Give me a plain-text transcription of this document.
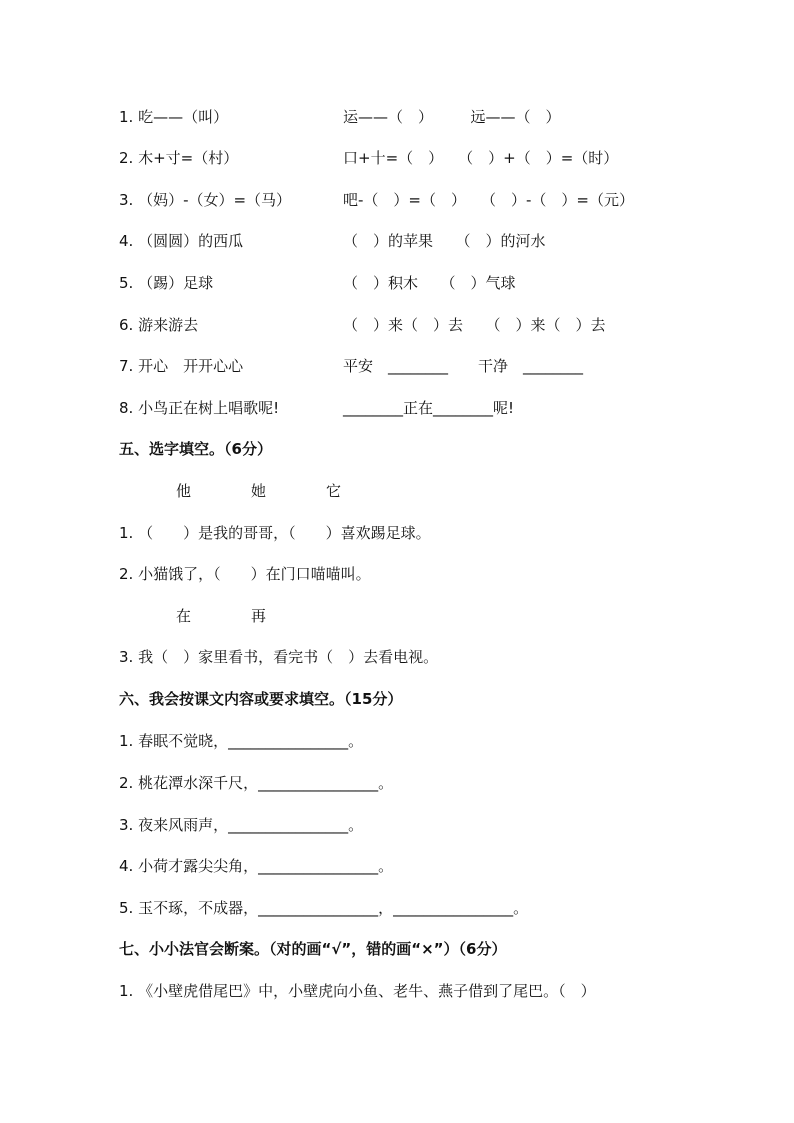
1. 吃——（叫）	运——（　）　　　远——（　）
2. 木+寸=（村）	口+十=（　）　　（　）+（　）=（时）
3. （妈）-（女）=（马）	吧-（　）=（　）　　（　）-（　）=（元）
4. （圆圆）的西瓜	（　）的苹果　　（　）的河水
5. （踢）足球	（　）积木　　（　）气球
6. 游来游去	（　）来（　）去　　（　）来（　）去
7. 开心　开开心心	平安　________　　干净　________
8. 小鸟正在树上唱歌呢!	________正在________呢!
五、选字填空。（6分）
他　　　　她　　　　它
1. （　　）是我的哥哥，（　　）喜欢踢足球。
2. 小猫饿了，（　　）在门口喵喵叫。
在　　　　再
3. 我（　）家里看书，看完书（　）去看电视。
六、我会按课文内容或要求填空。（15分）
1. 春眠不觉晓，________________。
2. 桃花潭水深千尺，________________。
3. 夜来风雨声，________________。
4. 小荷才露尖尖角，________________。
5. 玉不琢，不成器，________________，________________。
七、小小法官会断案。（对的画“√”，错的画“×”）（6分）
1. 《小壁虎借尾巴》中，小壁虎向小鱼、老牛、燕子借到了尾巴。（　）
